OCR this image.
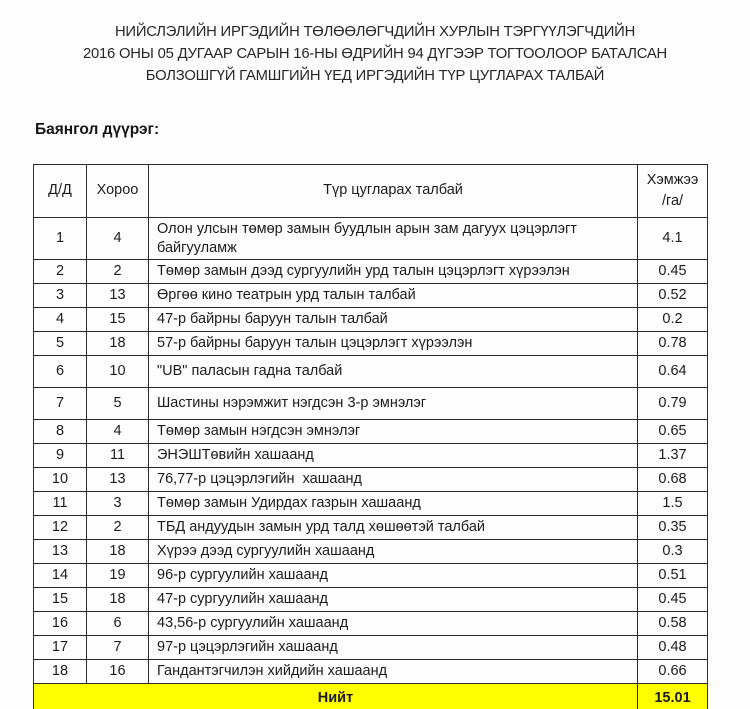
НИЙСЛЭЛИЙН ИРГЭДИЙН ТӨЛӨӨЛӨГЧДИЙН ХУРЛЫН ТЭРГҮҮЛЭГЧДИЙН
2016 ОНЫ 05 ДУГААР САРЫН 16-НЫ ӨДРИЙН 94 ДҮГЭЭР ТОГТООЛООР БАТАЛСАН
БОЛЗОШГҮЙ ГАМШГИЙН ҮЕД ИРГЭДИЙН ТҮР ЦУГЛАРАХ ТАЛБАЙ
Баянгол дүүрэг:
Д/Д	Хороо	Түр цугларах талбай	Хэмжээ
/га/

1	4	Олон улсын төмөр замын буудлын арын зам дагуух цэцэрлэгт байгууламж	4.1
2	2	Төмөр замын дээд сургуулийн урд талын цэцэрлэгт хүрээлэн	0.45
3	13	Өргөө кино театрын урд талын талбай	0.52
4	15	47-р байрны баруун талын талбай	0.2
5	18	57-р байрны баруун талын цэцэрлэгт хүрээлэн	0.78
6	10	"UB" паласын гадна талбай	0.64
7	5	Шастины нэрэмжит нэгдсэн 3-р эмнэлэг	0.79
8	4	Төмөр замын нэгдсэн эмнэлэг	0.65
9	11	ЭНЭШТөвийн хашаанд	1.37
10	13	76,77-р цэцэрлэгийн  хашаанд	0.68
11	3	Төмөр замын Удирдах газрын хашаанд	1.5
12	2	ТБД андуудын замын урд талд хөшөөтэй талбай	0.35
13	18	Хүрээ дээд сургуулийн хашаанд	0.3
14	19	96-р сургуулийн хашаанд	0.51
15	18	47-р сургуулийн хашаанд	0.45
16	6	43,56-р сургуулийн хашаанд	0.58
17	7	97-р цэцэрлэгийн хашаанд	0.48
18	16	Гандантэгчилэн хийдийн хашаанд	0.66
Нийт			15.01
